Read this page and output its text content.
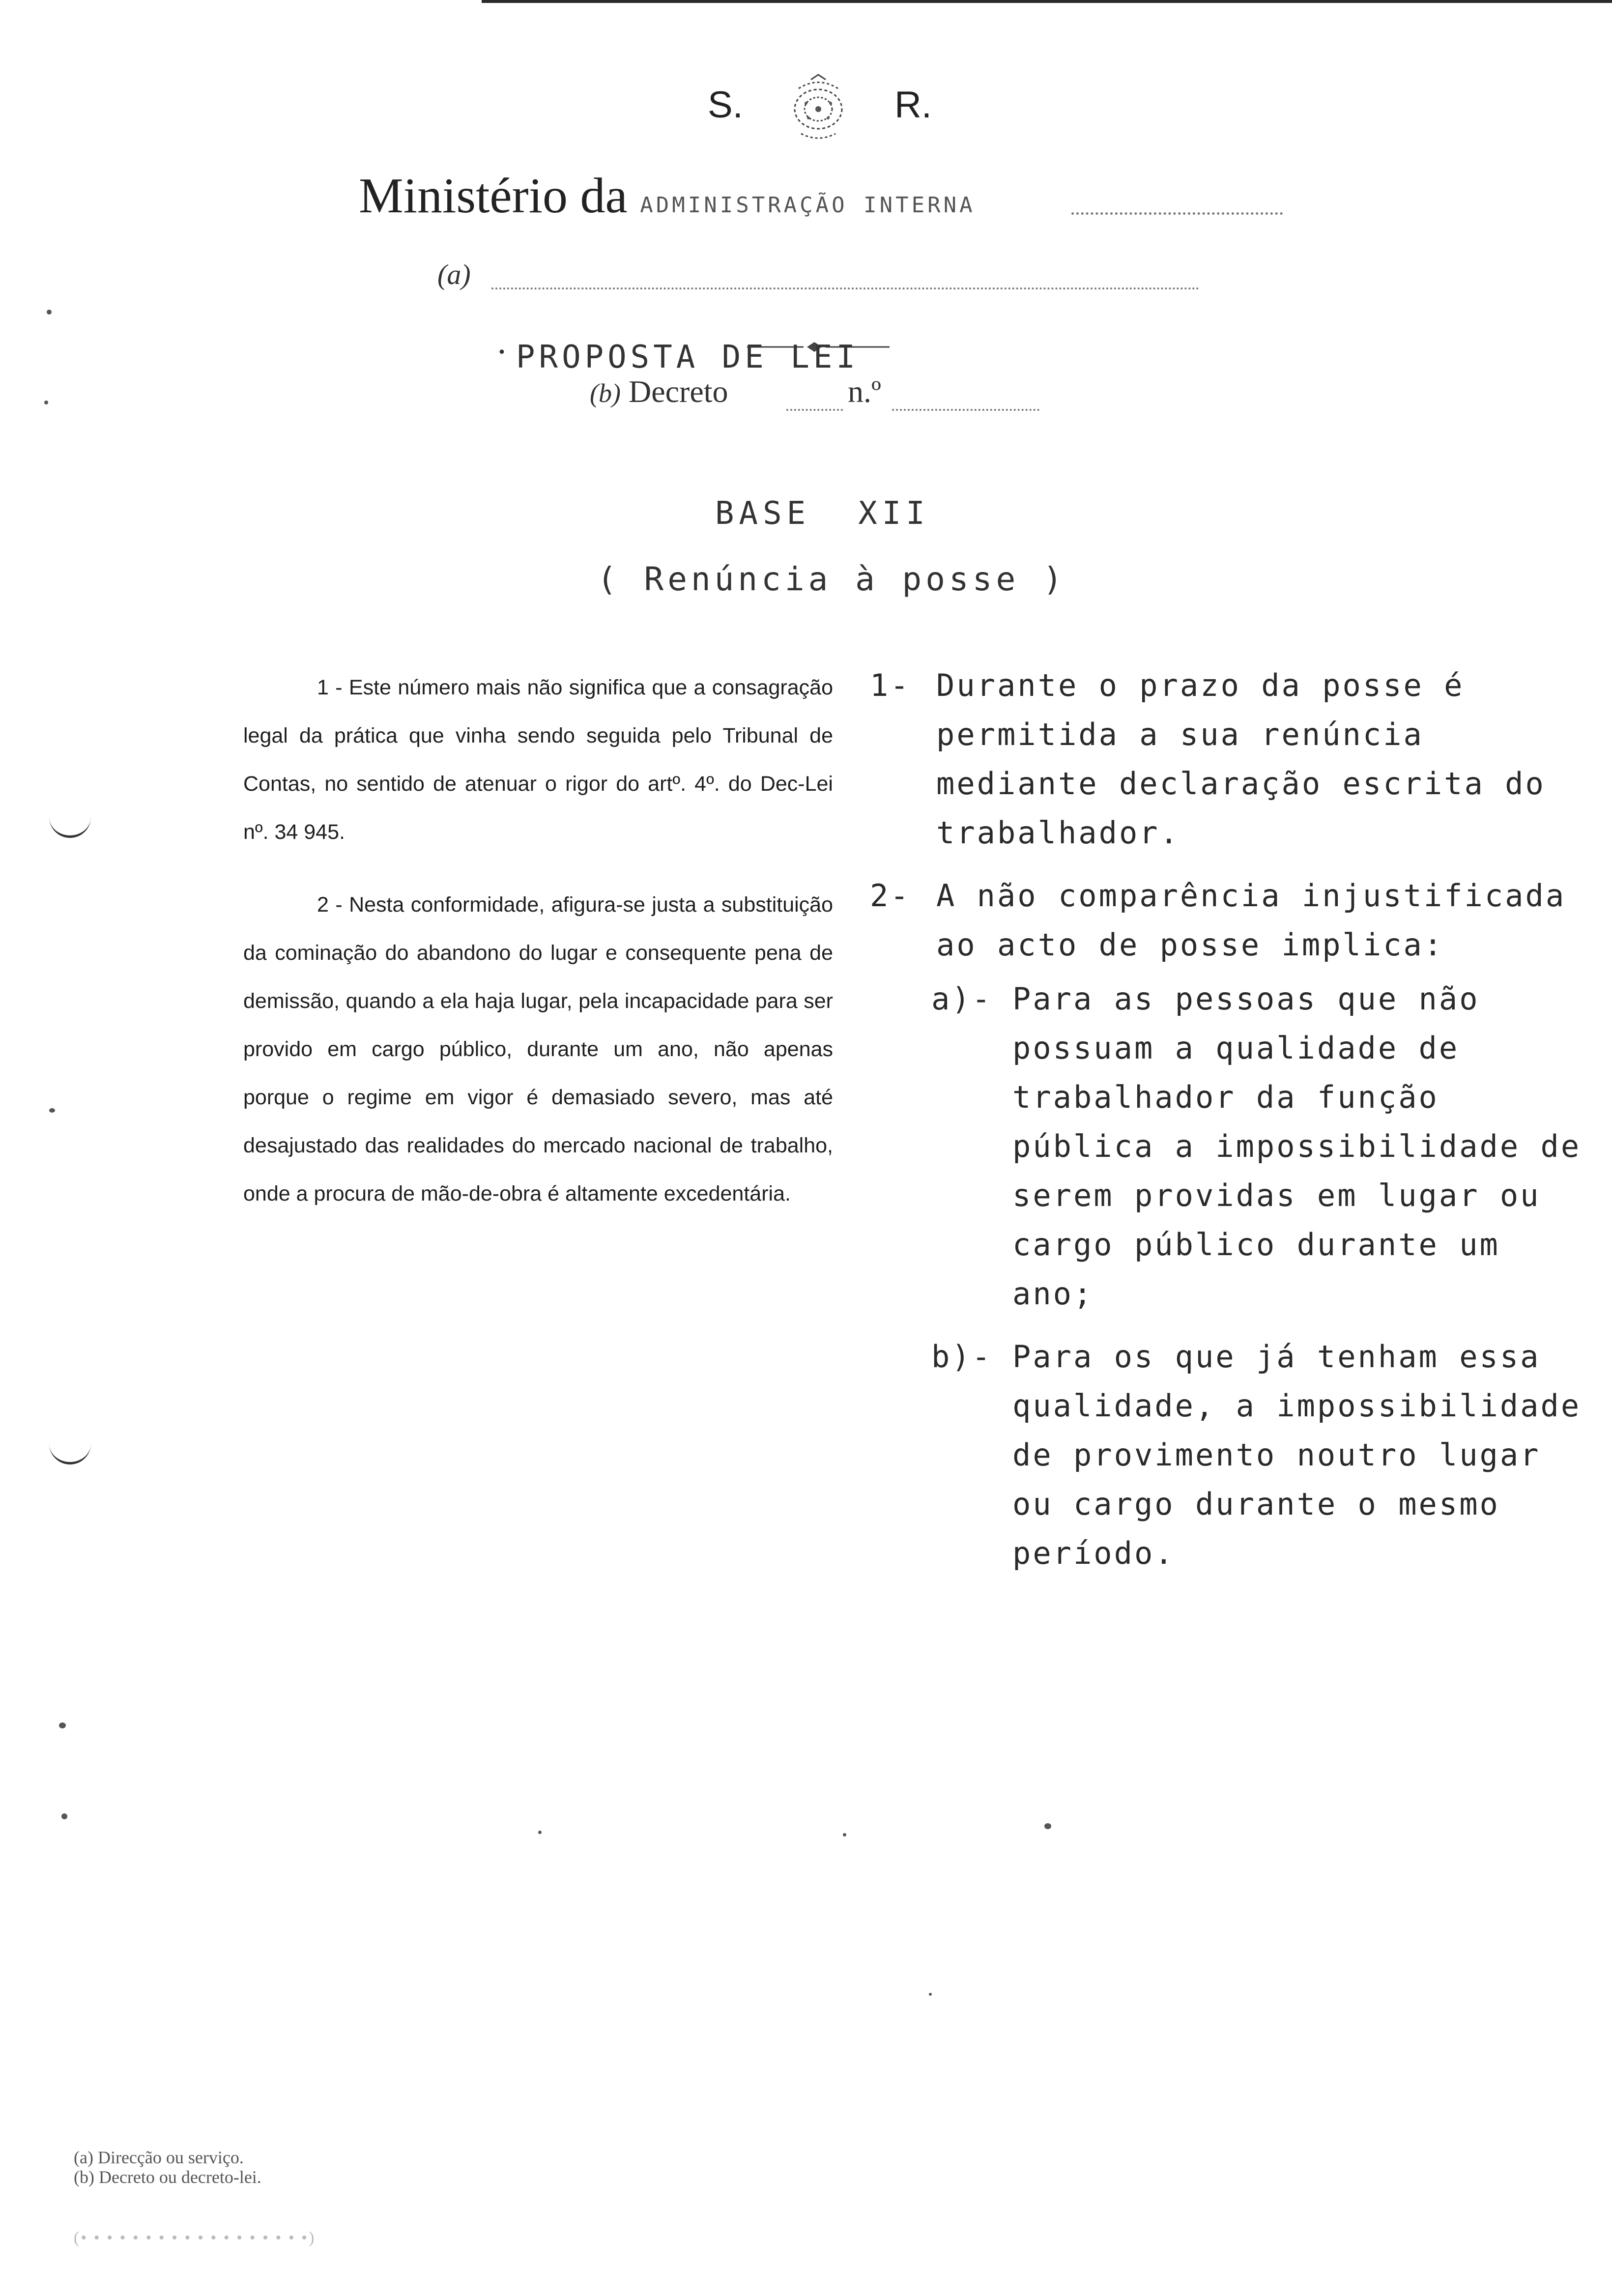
S.	R.
Ministério da ADMINISTRAÇÃO INTERNA
(a)
• PROPOSTA DE LEI
(b) Decreto	n.º
BASE  XII
( Renúncia à posse )

1 - Este número mais não significa que a consagração legal da prática que vinha sendo seguida pelo Tribunal de Contas, no sentido de atenuar o rigor do artº. 4º. do Dec-Lei nº. 34 945.

2 - Nesta conformidade, afigura-se justa a substituição da cominação do abandono do lugar e consequente pena de demissão, quando a ela haja lugar, pela incapacidade para ser provido em cargo público, durante um ano, não apenas porque o regime em vigor é demasiado severo, mas até desajustado das realidades do mercado nacional de trabalho, onde a procura de mão-de-obra é altamente excedentária.

1- Durante o prazo da posse é permitida a sua renúncia mediante declaração escrita do trabalhador.
2- A não comparência injustificada ao acto de posse implica:
a)- Para as pessoas que não possuam a qualidade de trabalhador da função pública a impossibilidade de serem providas em lugar ou cargo público durante um ano;
b)- Para os que já tenham essa qualidade, a impossibilidade de provimento noutro lugar ou cargo durante o mesmo período.
(a) Direcção ou serviço.
(b) Decreto ou decreto-lei.
(• • • • • • • • • • • • • • • • • •)
